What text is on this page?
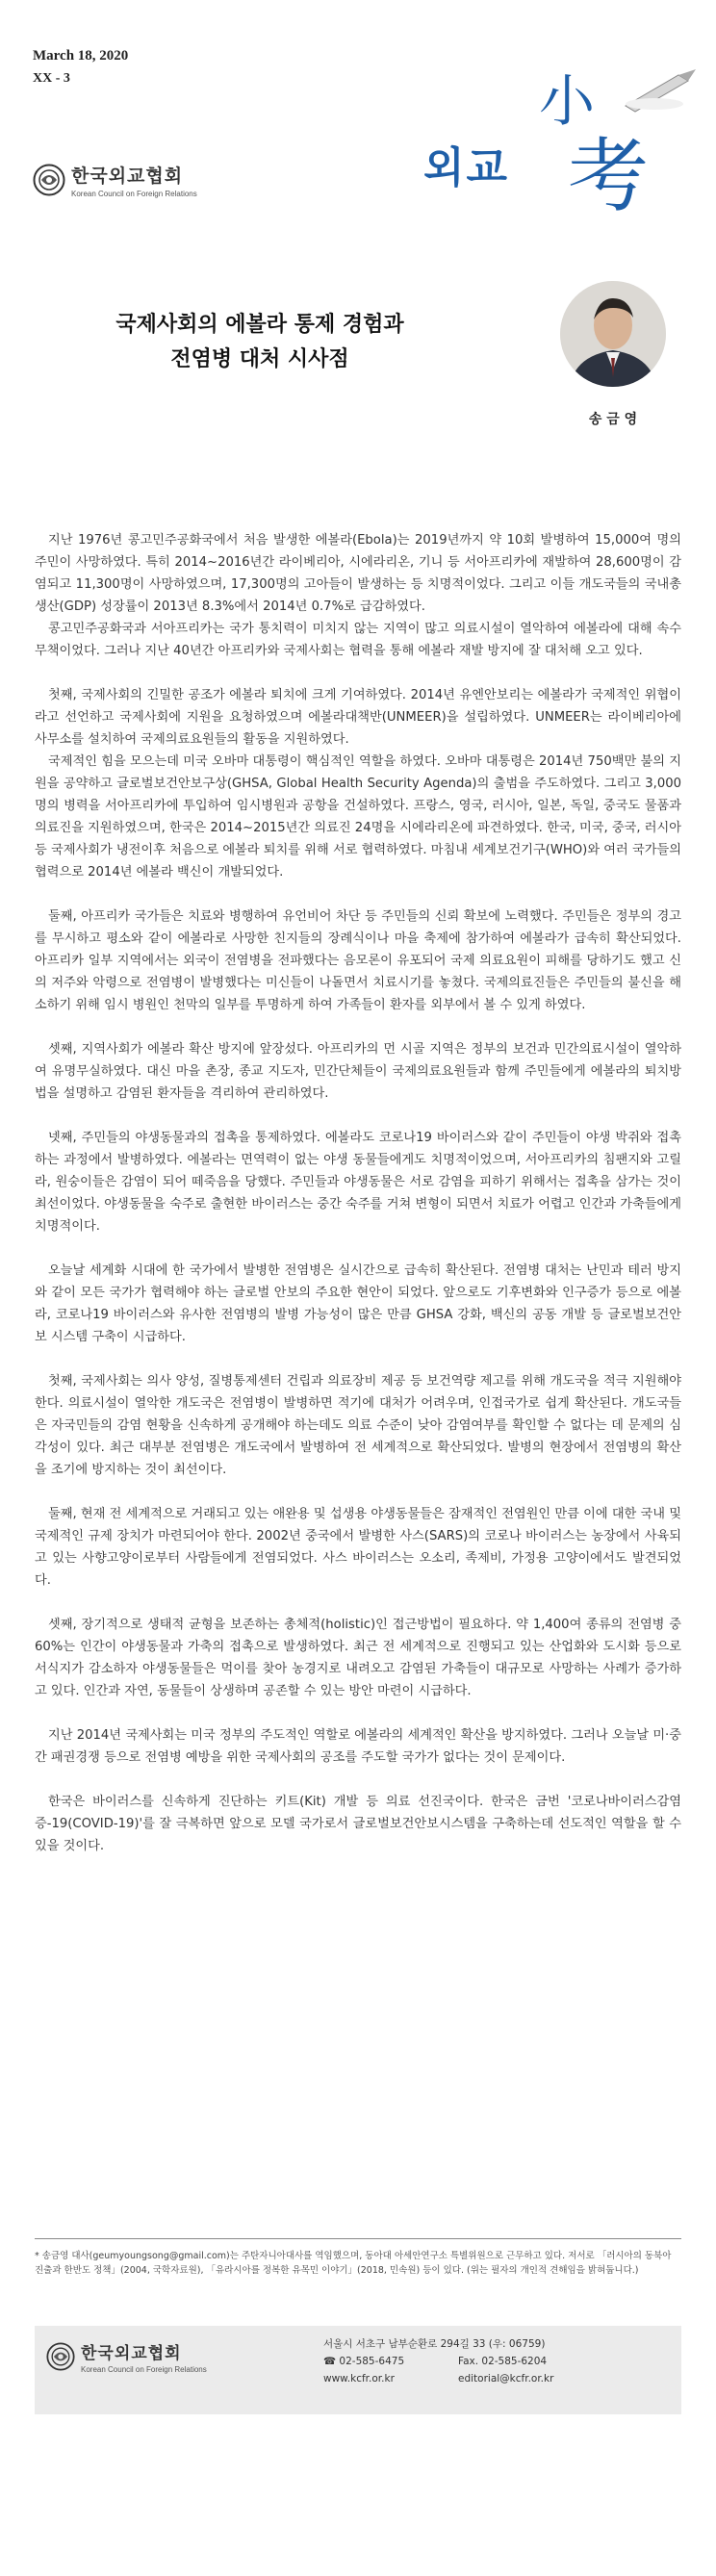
March 18, 2020
XX - 3
한국외교협회
Korean Council on Foreign Relations
小
考
외교
국제사회의 에볼라 통제 경험과
전염병 대처 시사점
송 금 영

지난 1976년 콩고민주공화국에서 처음 발생한 에볼라(Ebola)는 2019년까지 약 10회 발병하여 15,000여 명의 주민이 사망하였다. 특히 2014~2016년간 라이베리아, 시에라리온, 기니 등 서아프리카에 재발하여 28,600명이 감염되고 11,300명이 사망하였으며, 17,300명의 고아들이 발생하는 등 치명적이었다. 그리고 이들 개도국들의 국내총생산(GDP) 성장률이 2013년 8.3%에서 2014년 0.7%로 급감하였다.

콩고민주공화국과 서아프리카는 국가 통치력이 미치지 않는 지역이 많고 의료시설이 열악하여 에볼라에 대해 속수무책이었다. 그러나 지난 40년간 아프리카와 국제사회는 협력을 통해 에볼라 재발 방지에 잘 대처해 오고 있다.

첫째, 국제사회의 긴밀한 공조가 에볼라 퇴치에 크게 기여하였다. 2014년 유엔안보리는 에볼라가 국제적인 위협이라고 선언하고 국제사회에 지원을 요청하였으며 에볼라대책반(UNMEER)을 설립하였다. UNMEER는 라이베리아에 사무소를 설치하여 국제의료요원들의 활동을 지원하였다.

국제적인 힘을 모으는데 미국 오바마 대통령이 핵심적인 역할을 하였다. 오바마 대통령은 2014년 750백만 불의 지원을 공약하고 글로벌보건안보구상(GHSA, Global Health Security Agenda)의 출범을 주도하였다. 그리고 3,000명의 병력을 서아프리카에 투입하여 임시병원과 공항을 건설하였다. 프랑스, 영국, 러시아, 일본, 독일, 중국도 물품과 의료진을 지원하였으며, 한국은 2014~2015년간 의료진 24명을 시에라리온에 파견하였다. 한국, 미국, 중국, 러시아 등 국제사회가 냉전이후 처음으로 에볼라 퇴치를 위해 서로 협력하였다. 마침내 세계보건기구(WHO)와 여러 국가들의 협력으로 2014년 에볼라 백신이 개발되었다.

둘째, 아프리카 국가들은 치료와 병행하여 유언비어 차단 등 주민들의 신뢰 확보에 노력했다. 주민들은 정부의 경고를 무시하고 평소와 같이 에볼라로 사망한 친지들의 장례식이나 마을 축제에 참가하여 에볼라가 급속히 확산되었다. 아프리카 일부 지역에서는 외국이 전염병을 전파했다는 음모론이 유포되어 국제 의료요원이 피해를 당하기도 했고 신의 저주와 악령으로 전염병이 발병했다는 미신들이 나돌면서 치료시기를 놓쳤다. 국제의료진들은 주민들의 불신을 해소하기 위해 임시 병원인 천막의 일부를 투명하게 하여 가족들이 환자를 외부에서 볼 수 있게 하였다.

셋째, 지역사회가 에볼라 확산 방지에 앞장섰다. 아프리카의 먼 시골 지역은 정부의 보건과 민간의료시설이 열악하여 유명무실하였다. 대신 마을 촌장, 종교 지도자, 민간단체들이 국제의료요원들과 함께 주민들에게 에볼라의 퇴치방법을 설명하고 감염된 환자들을 격리하여 관리하였다.

넷째, 주민들의 야생동물과의 접촉을 통제하였다. 에볼라도 코로나19 바이러스와 같이 주민들이 야생 박쥐와 접촉하는 과정에서 발병하였다. 에볼라는 면역력이 없는 야생 동물들에게도 치명적이었으며, 서아프리카의 침팬지와 고릴라, 원숭이들은 감염이 되어 떼죽음을 당했다. 주민들과 야생동물은 서로 감염을 피하기 위해서는 접촉을 삼가는 것이 최선이었다. 야생동물을 숙주로 출현한 바이러스는 중간 숙주를 거쳐 변형이 되면서 치료가 어렵고 인간과 가축들에게 치명적이다.

오늘날 세계화 시대에 한 국가에서 발병한 전염병은 실시간으로 급속히 확산된다. 전염병 대처는 난민과 테러 방지와 같이 모든 국가가 협력해야 하는 글로벌 안보의 주요한 현안이 되었다. 앞으로도 기후변화와 인구증가 등으로 에볼라, 코로나19 바이러스와 유사한 전염병의 발병 가능성이 많은 만큼 GHSA 강화, 백신의 공동 개발 등 글로벌보건안보 시스템 구축이 시급하다.

첫째, 국제사회는 의사 양성, 질병통제센터 건립과 의료장비 제공 등 보건역량 제고를 위해 개도국을 적극 지원해야 한다. 의료시설이 열악한 개도국은 전염병이 발병하면 적기에 대처가 어려우며, 인접국가로 쉽게 확산된다. 개도국들은 자국민들의 감염 현황을 신속하게 공개해야 하는데도 의료 수준이 낮아 감염여부를 확인할 수 없다는 데 문제의 심각성이 있다. 최근 대부분 전염병은 개도국에서 발병하여 전 세계적으로 확산되었다. 발병의 현장에서 전염병의 확산을 조기에 방지하는 것이 최선이다.

둘째, 현재 전 세계적으로 거래되고 있는 애완용 및 섭생용 야생동물들은 잠재적인 전염원인 만큼 이에 대한 국내 및 국제적인 규제 장치가 마련되어야 한다. 2002년 중국에서 발병한 사스(SARS)의 코로나 바이러스는 농장에서 사육되고 있는 사향고양이로부터 사람들에게 전염되었다. 사스 바이러스는 오소리, 족제비, 가정용 고양이에서도 발견되었다.

셋째, 장기적으로 생태적 균형을 보존하는 총체적(holistic)인 접근방법이 필요하다. 약 1,400여 종류의 전염병 중 60%는 인간이 야생동물과 가축의 접촉으로 발생하였다. 최근 전 세계적으로 진행되고 있는 산업화와 도시화 등으로 서식지가 감소하자 야생동물들은 먹이를 찾아 농경지로 내려오고 감염된 가축들이 대규모로 사망하는 사례가 증가하고 있다. 인간과 자연, 동물들이 상생하며 공존할 수 있는 방안 마련이 시급하다.

지난 2014년 국제사회는 미국 정부의 주도적인 역할로 에볼라의 세계적인 확산을 방지하였다. 그러나 오늘날 미·중 간 패권경쟁 등으로 전염병 예방을 위한 국제사회의 공조를 주도할 국가가 없다는 것이 문제이다.

한국은 바이러스를 신속하게 진단하는 키트(Kit) 개발 등 의료 선진국이다. 한국은 금번 '코로나바이러스감염증-19(COVID-19)'를 잘 극복하면 앞으로 모델 국가로서 글로벌보건안보시스템을 구축하는데 선도적인 역할을 할 수 있을 것이다.

* 송금영 대사(geumyoungsong@gmail.com)는 주탄자니아대사를 역임했으며, 동아대 아세안연구소 특별위원으로 근무하고 있다. 저서로 「러시아의 동북아 진출과 한반도 정책」(2004, 국학자료원), 「유라시아를 정복한 유목민 이야기」(2018, 민속원) 등이 있다. (위는 필자의 개인적 견해임을 밝혀둡니다.)
한국외교협회
Korean Council on Foreign Relations
서울시 서초구 남부순환로 294길 33 (우: 06759)
☎ 02-585-6475	Fax. 02-585-6204
www.kcfr.or.kr	editorial@kcfr.or.kr
